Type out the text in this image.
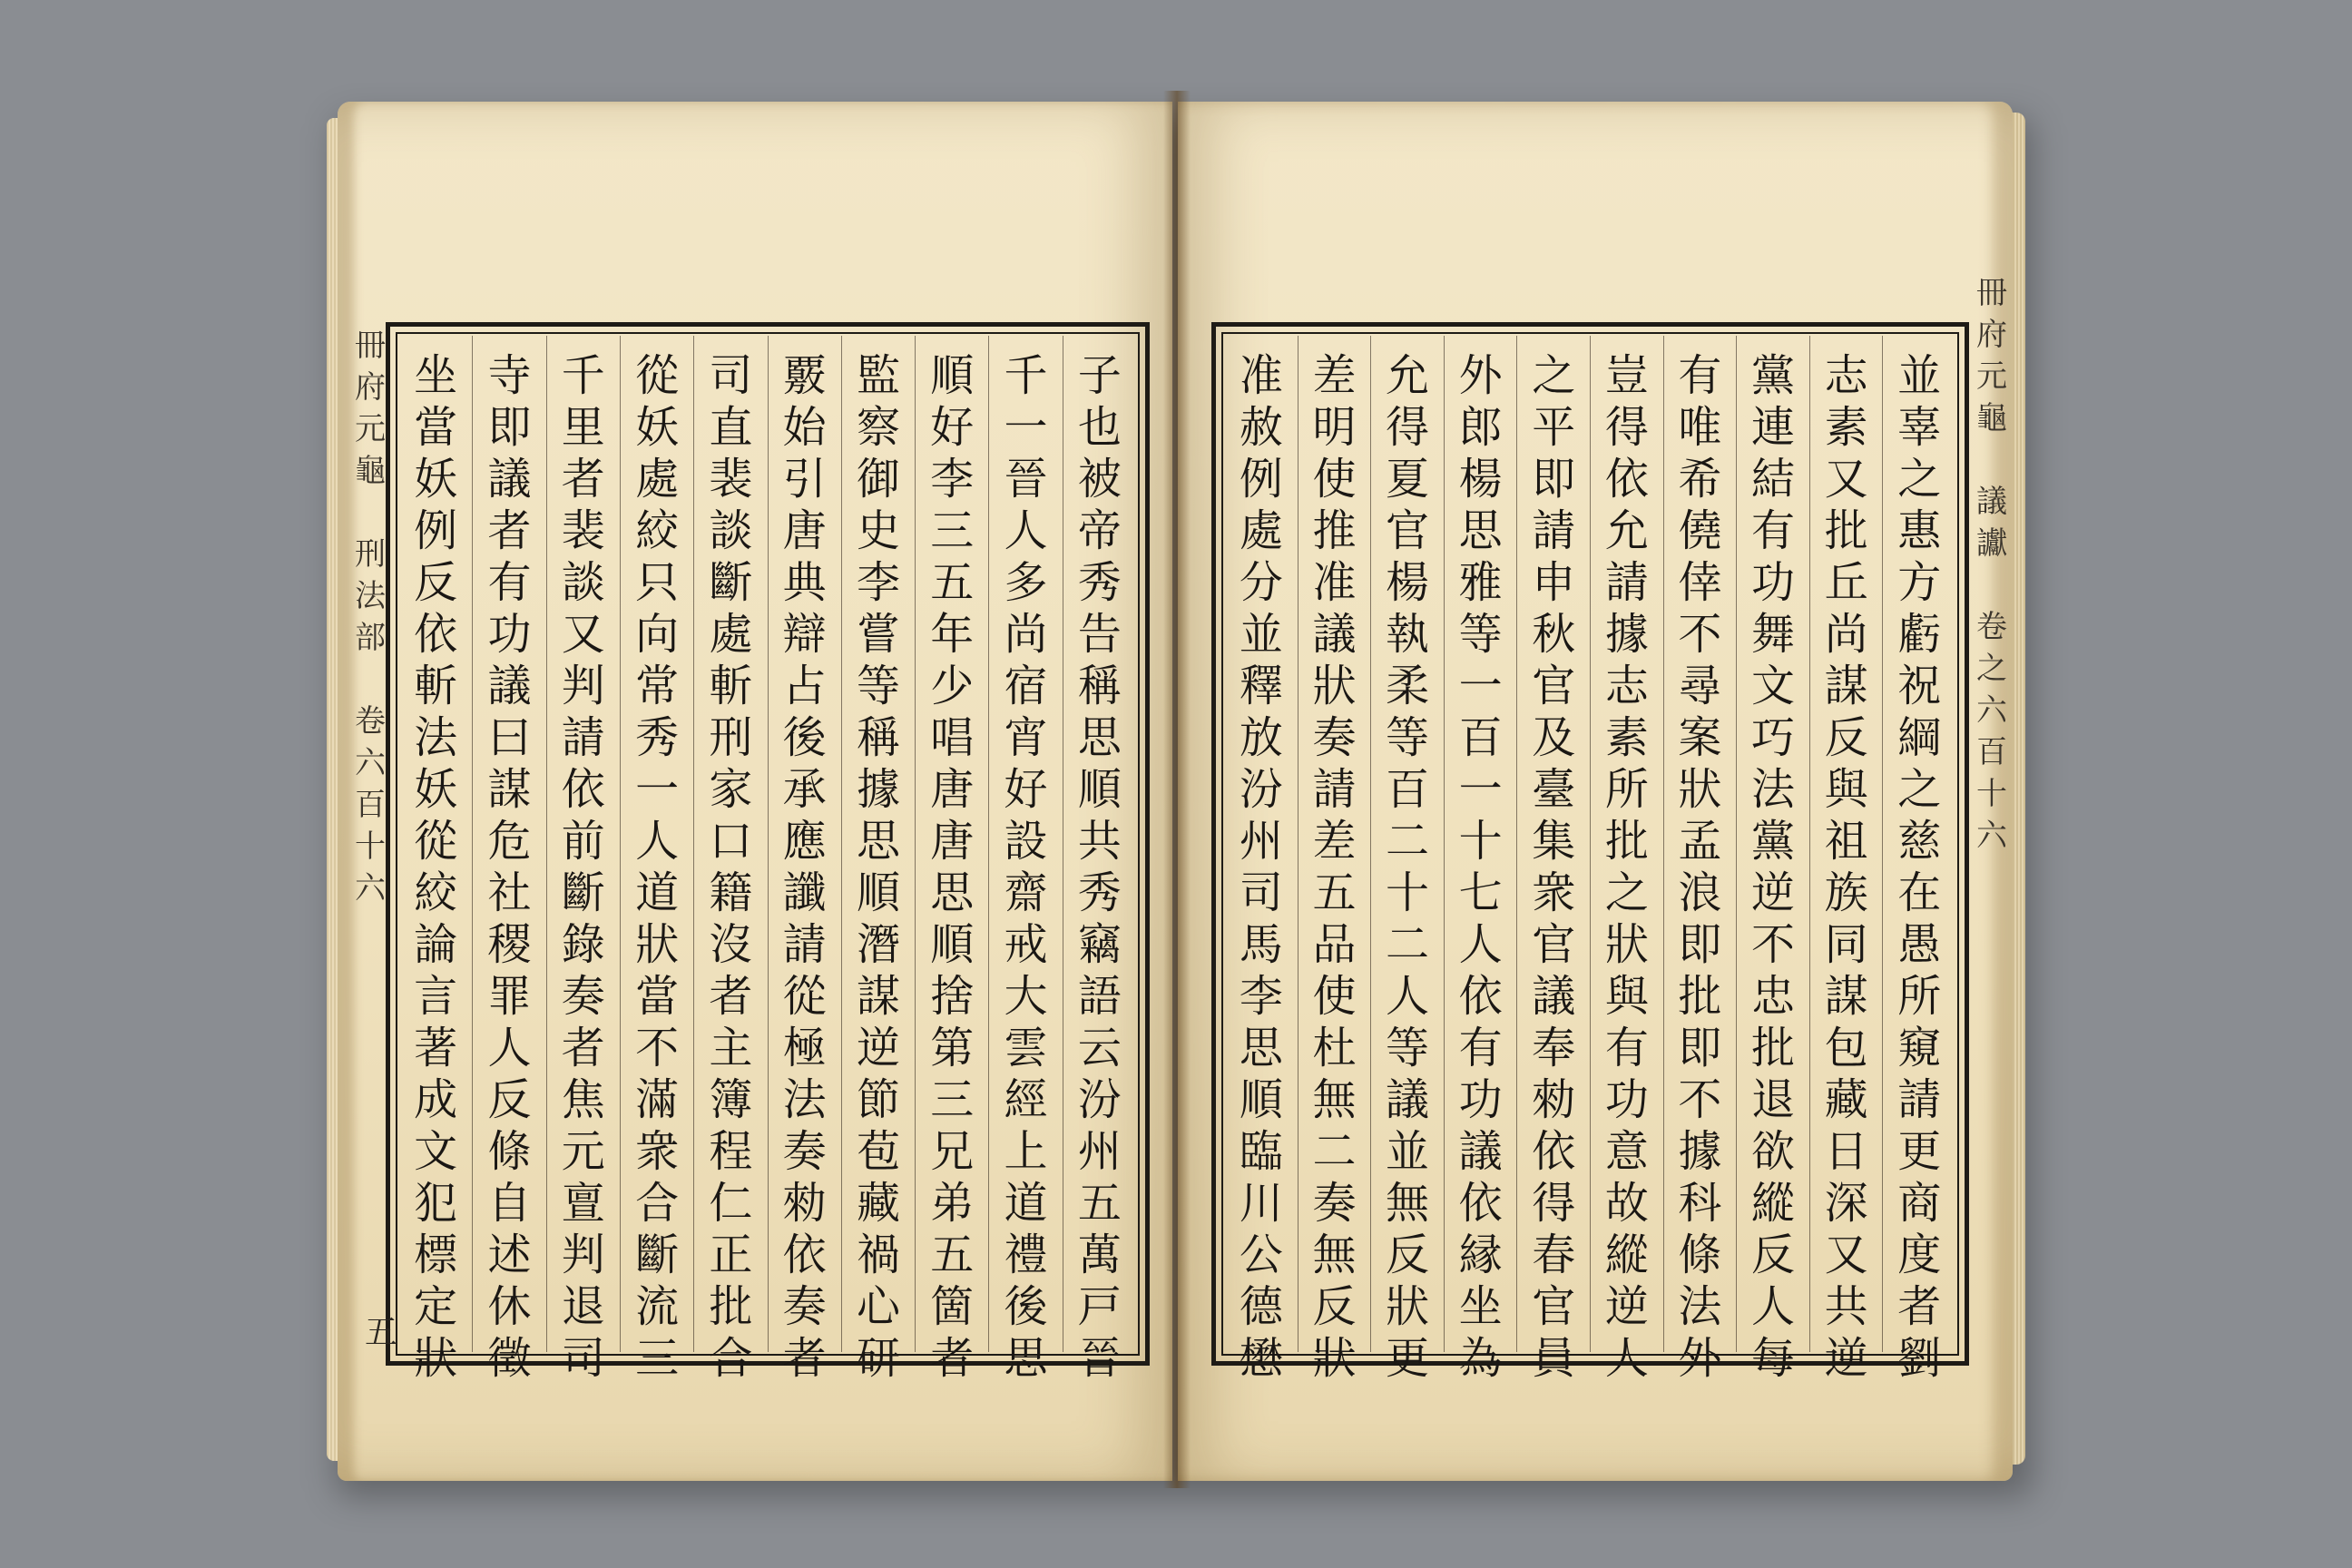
子
也
被
帝
秀
告
稱
思
順
共
秀
竊
語
云
汾
州
五
萬
戸
晉
千
一
晉
人
多
尚
宿
宵
好
設
齋
戒
大
雲
經
上
道
禮
後
思
順
好
李
三
五
年
少
唱
唐
唐
思
順
捨
第
三
兄
弟
五
箇
者
監
察
御
史
李
嘗
等
稱
據
思
順
潛
謀
逆
節
苞
藏
禍
心
研
覈
始
引
唐
典
辯
占
後
承
應
讖
請
從
極
法
奏
勑
依
奏
者
司
直
裴
談
斷
處
斬
刑
家
口
籍
沒
者
主
簿
程
仁
正
批
合
從
妖
處
絞
只
向
常
秀
一
人
道
狀
當
不
滿
衆
合
斷
流
三
千
里
者
裴
談
又
判
請
依
前
斷
錄
奏
者
焦
元
亶
判
退
司
寺
即
議
者
有
功
議
曰
謀
危
社
稷
罪
人
反
條
自
述
休
徵
坐
當
妖
例
反
依
斬
法
妖
從
絞
論
言
著
成
文
犯
標
定
狀
冊
府
元
龜

刑
法
部

卷
六
百
十
六
五
並
辜
之
惠
方
虧
祝
綱
之
慈
在
愚
所
窺
請
更
商
度
者
劉
志
素
又
批
丘
尚
謀
反
與
祖
族
同
謀
包
藏
日
深
又
共
逆
黨
連
結
有
功
舞
文
巧
法
黨
逆
不
忠
批
退
欲
縱
反
人
每
有
唯
希
僥
倖
不
尋
案
狀
孟
浪
即
批
即
不
據
科
條
法
外
豈
得
依
允
請
據
志
素
所
批
之
狀
與
有
功
意
故
縱
逆
人
之
平
即
請
申
秋
官
及
臺
集
衆
官
議
奉
勑
依
得
春
官
員
外
郎
楊
思
雅
等
一
百
一
十
七
人
依
有
功
議
依
縁
坐
為
允
得
夏
官
楊
執
柔
等
百
二
十
二
人
等
議
並
無
反
狀
更
差
明
使
推
准
議
狀
奏
請
差
五
品
使
杜
無
二
奏
無
反
狀
准
赦
例
處
分
並
釋
放
汾
州
司
馬
李
思
順
臨
川
公
德
懋
冊
府
元
龜

議
讞

卷
之
六
百
十
六
